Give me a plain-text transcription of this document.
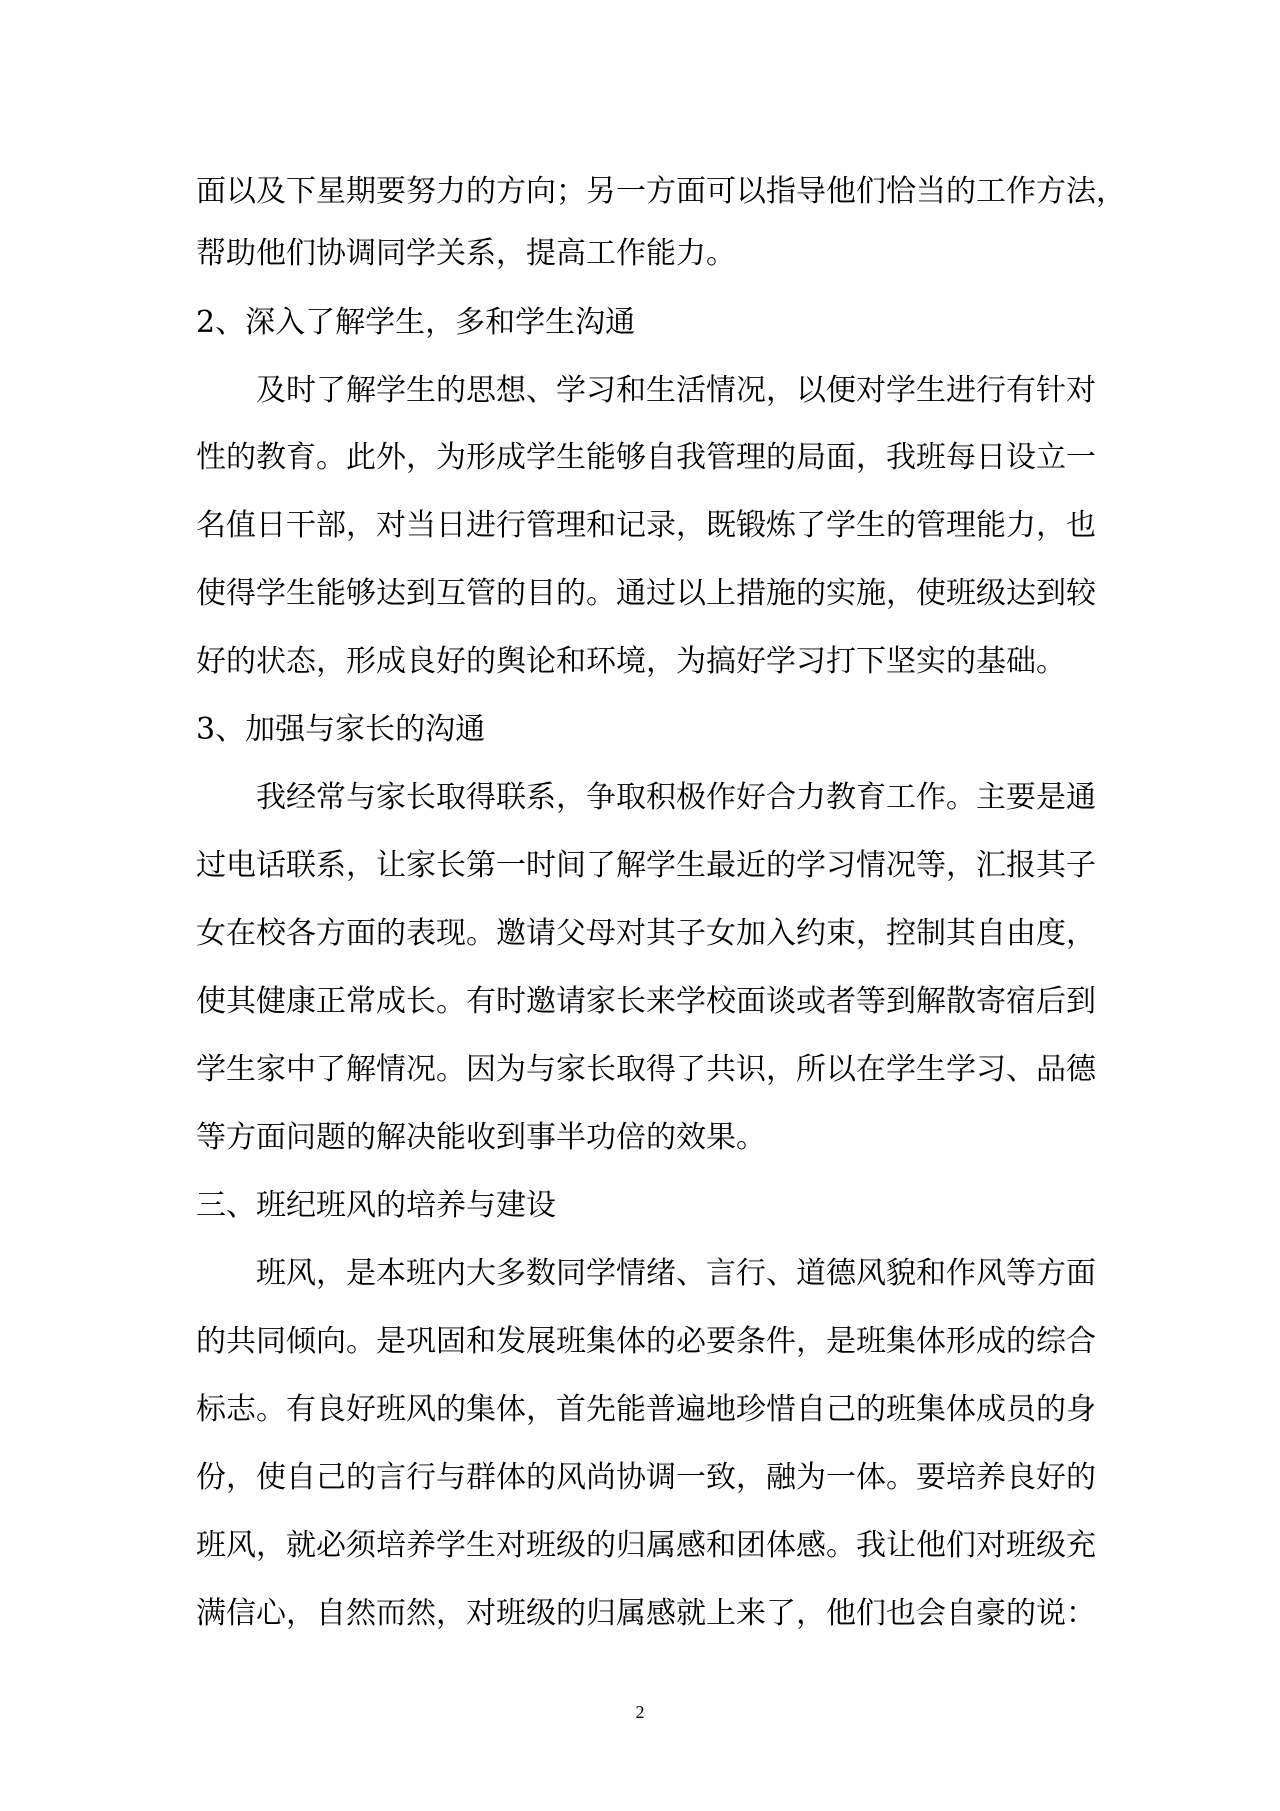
面以及下星期要努力的方向；另一方面可以指导他们恰当的工作方法，
帮助他们协调同学关系，提高工作能力。
2、深入了解学生，多和学生沟通
及时了解学生的思想、学习和生活情况，以便对学生进行有针对
性的教育。此外，为形成学生能够自我管理的局面，我班每日设立一
名值日干部，对当日进行管理和记录，既锻炼了学生的管理能力，也
使得学生能够达到互管的目的。通过以上措施的实施，使班级达到较
好的状态，形成良好的舆论和环境，为搞好学习打下坚实的基础。
3、加强与家长的沟通
我经常与家长取得联系，争取积极作好合力教育工作。主要是通
过电话联系，让家长第一时间了解学生最近的学习情况等，汇报其子
女在校各方面的表现。邀请父母对其子女加入约束，控制其自由度，
使其健康正常成长。有时邀请家长来学校面谈或者等到解散寄宿后到
学生家中了解情况。因为与家长取得了共识，所以在学生学习、品德
等方面问题的解决能收到事半功倍的效果。
三、班纪班风的培养与建设
班风，是本班内大多数同学情绪、言行、道德风貌和作风等方面
的共同倾向。是巩固和发展班集体的必要条件，是班集体形成的综合
标志。有良好班风的集体，首先能普遍地珍惜自己的班集体成员的身
份，使自己的言行与群体的风尚协调一致，融为一体。要培养良好的
班风，就必须培养学生对班级的归属感和团体感。我让他们对班级充
满信心，自然而然，对班级的归属感就上来了，他们也会自豪的说：
2
